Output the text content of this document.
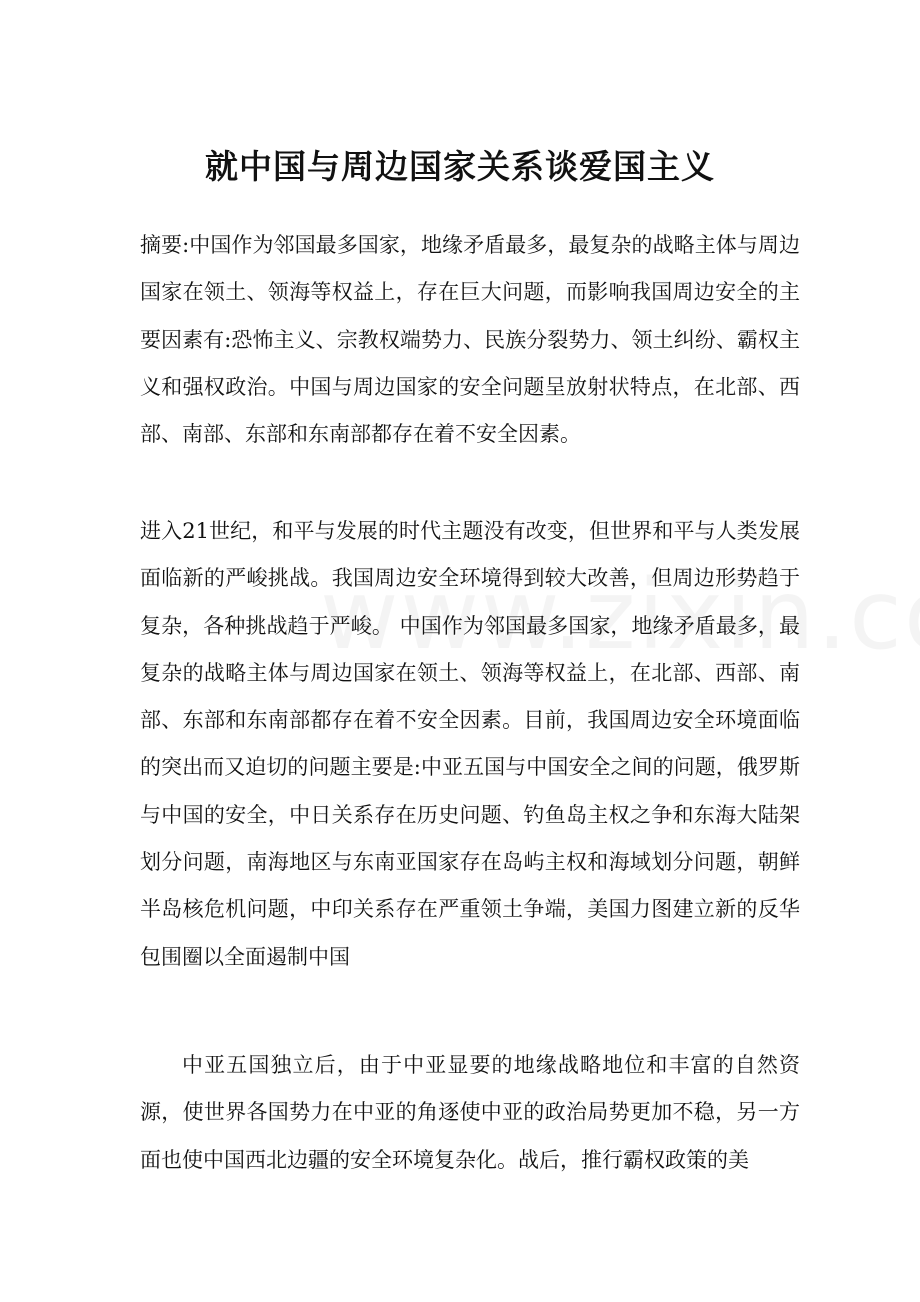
就中国与周边国家关系谈爱国主义

摘要:中国作为邻国最多国家，地缘矛盾最多，最复杂的战略主体与周边国家在领土、领海等权益上，存在巨大问题，而影响我国周边安全的主要因素有:恐怖主义、宗教权端势力、民族分裂势力、领土纠纷、霸权主义和强权政治。中国与周边国家的安全问题呈放射状特点，在北部、西部、南部、东部和东南部都存在着不安全因素。

进入21世纪，和平与发展的时代主题没有改变，但世界和平与人类发展面临新的严峻挑战。我国周边安全环境得到较大改善，但周边形势趋于复杂，各种挑战趋于严峻。 中国作为邻国最多国家，地缘矛盾最多，最复杂的战略主体与周边国家在领土、领海等权益上，在北部、西部、南部、东部和东南部都存在着不安全因素。目前，我国周边安全环境面临的突出而又迫切的问题主要是:中亚五国与中国安全之间的问题，俄罗斯与中国的安全，中日关系存在历史问题、钓鱼岛主权之争和东海大陆架划分问题，南海地区与东南亚国家存在岛屿主权和海域划分问题，朝鲜半岛核危机问题，中印关系存在严重领土争端，美国力图建立新的反华包围圈以全面遏制中国

中亚五国独立后，由于中亚显要的地缘战略地位和丰富的自然资源，使世界各国势力在中亚的角逐使中亚的政治局势更加不稳，另一方面也使中国西北边疆的安全环境复杂化。战后，推行霸权政策的美
